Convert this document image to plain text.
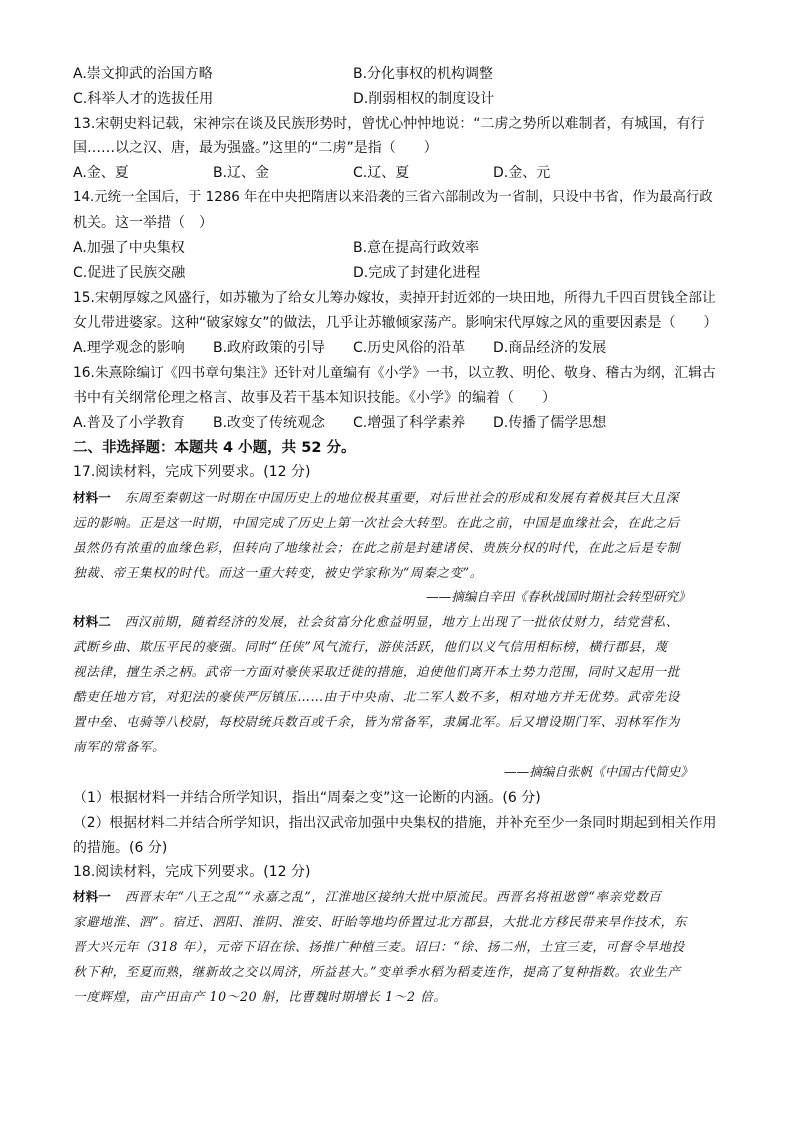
A.崇文抑武的治国方略	B.分化事权的机构调整
C.科举人才的选拔任用	D.削弱相权的制度设计
13.宋朝史料记载，宋神宗在谈及民族形势时，曾忧心忡忡地说：“二虏之势所以难制者，有城国，有行
国……以之汉、唐，最为强盛。”这里的“二虏”是指（　　）
A.金、夏	B.辽、金	C.辽、夏	D.金、元
14.元统一全国后，于 1286 年在中央把隋唐以来沿袭的三省六部制改为一省制，只设中书省，作为最高行政
机关。这一举措（　）
A.加强了中央集权	B.意在提高行政效率
C.促进了民族交融	D.完成了封建化进程
15.宋朝厚嫁之风盛行，如苏辙为了给女儿筹办嫁妆，卖掉开封近郊的一块田地，所得九千四百贯钱全部让
女儿带进婆家。这种“破家嫁女”的做法，几乎让苏辙倾家荡产。影响宋代厚嫁之风的重要因素是（　　）
A.理学观念的影响 B.政府政策的引导 C.历史风俗的沿革 D.商品经济的发展
16.朱熹除编订《四书章句集注》还针对儿童编有《小学》一书，以立教、明伦、敬身、稽古为纲，汇辑古
书中有关纲常伦理之格言、故事及若干基本知识技能。《小学》的编着（　　）
A.普及了小学教育 B.改变了传统观念 C.增强了科学素养 D.传播了儒学思想
二、非选择题：本题共 4 小题，共 52 分。
17.阅读材料，完成下列要求。(12 分)
材料一 东周至秦朝这一时期在中国历史上的地位极其重要，对后世社会的形成和发展有着极其巨大且深
远的影响。正是这一时期，中国完成了历史上第一次社会大转型。在此之前，中国是血缘社会，在此之后
虽然仍有浓重的血缘色彩，但转向了地缘社会；在此之前是封建诸侯、贵族分权的时代，在此之后是专制
独裁、帝王集权的时代。而这一重大转变，被史学家称为“周秦之变”。
——摘编自辛田《春秋战国时期社会转型研究》
材料二 西汉前期，随着经济的发展，社会贫富分化愈益明显，地方上出现了一批依仗财力，结党营私、
武断乡曲、欺压平民的豪强。同时“任侠”风气流行，游侠活跃，他们以义气信用相标榜，横行郡县，蔑
视法律，擅生杀之柄。武帝一方面对豪侠采取迁徙的措施，迫使他们离开本土势力范围，同时又起用一批
酷吏任地方官，对犯法的豪侠严厉镇压……由于中央南、北二军人数不多，相对地方并无优势。武帝先设
置中垒、屯骑等八校尉，每校尉统兵数百或千余，皆为常备军，隶属北军。后又增设期门军、羽林军作为
南军的常备军。
——摘编自张帆《中国古代简史》
（1）根据材料一并结合所学知识，指出“周秦之变”这一论断的内涵。(6 分)
（2）根据材料二并结合所学知识，指出汉武帝加强中央集权的措施，并补充至少一条同时期起到相关作用
的措施。(6 分)
18.阅读材料，完成下列要求。(12 分)
材料一 西晋末年“八王之乱”“永嘉之乱”，江淮地区接纳大批中原流民。西晋名将祖逖曾“率亲党数百
家避地淮、泗”。宿迁、泗阳、淮阴、淮安、盱眙等地均侨置过北方郡县，大批北方移民带来旱作技术，东
晋大兴元年（318 年），元帝下诏在徐、扬推广种植三麦。诏曰：“徐、扬二州，土宜三麦，可督令旱地投
秋下种，至夏而熟，继新故之交以周济，所益甚大。”变单季水稻为稻麦连作，提高了复种指数。农业生产
一度辉煌，亩产田亩产 10～20 斛，比曹魏时期增长 1～2 倍。
